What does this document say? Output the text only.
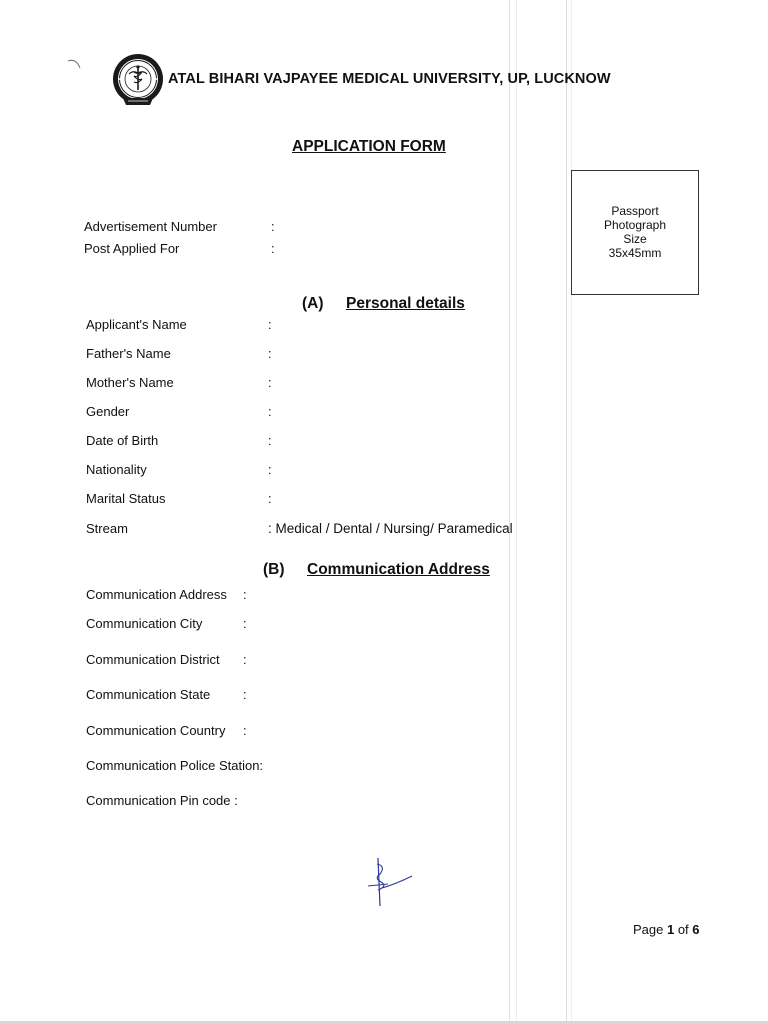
ATAL BIHARI VAJPAYEE MEDICAL UNIVERSITY, UP, LUCKNOW
APPLICATION FORM
Passport
Photograph
Size
35x45mm
Advertisement Number	:
Post Applied For	:
(A) Personal details
Applicant's Name	:
Father's Name	:
Mother's Name	:
Gender	:
Date of Birth	:
Nationality	:
Marital Status	:
Stream	: Medical / Dental / Nursing/ Paramedical
(B) Communication Address
Communication Address :
Communication City	:
Communication District :
Communication State	:
Communication Country :
Communication Police Station:
Communication Pin code :
Page 1 of 6
